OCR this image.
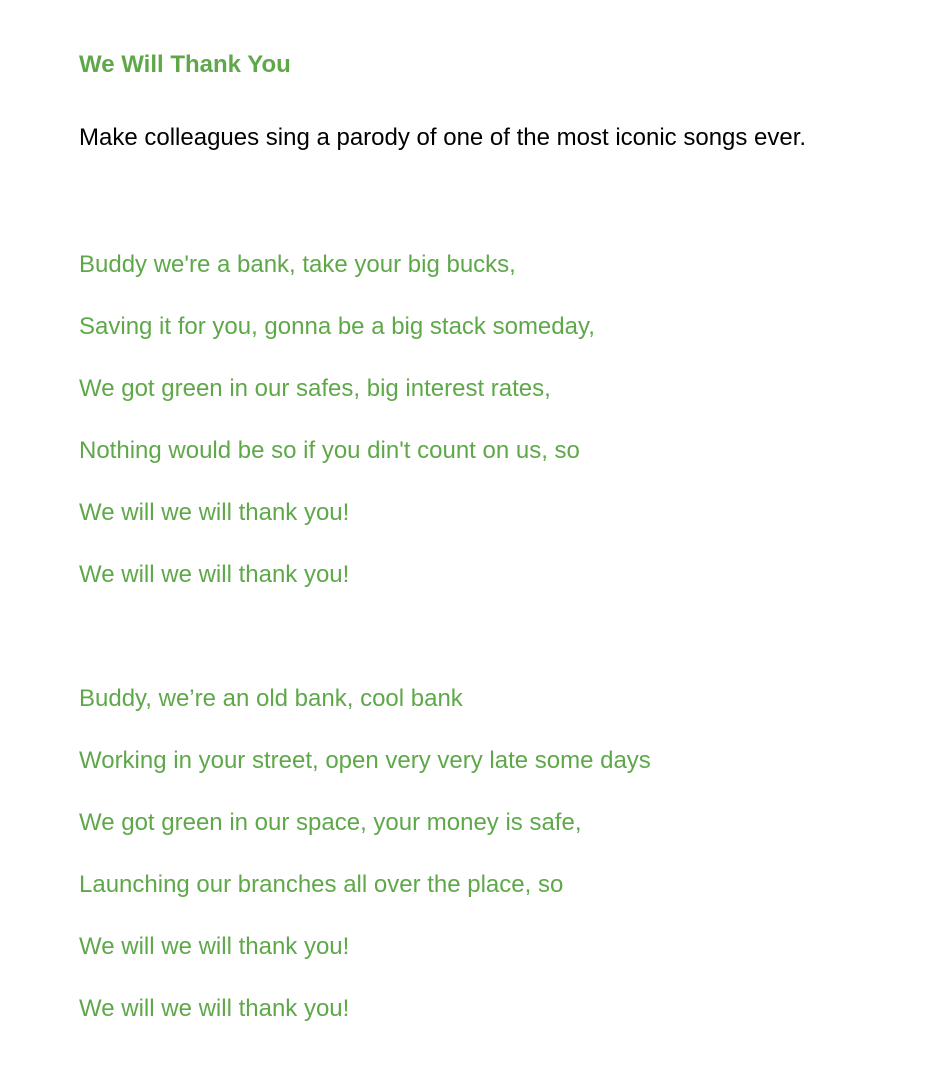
We Will Thank You

Make colleagues sing a parody of one of the most iconic songs ever.

Buddy we're a bank, take your big bucks,
Saving it for you, gonna be a big stack someday,
We got green in our safes, big interest rates,
Nothing would be so if you din't count on us, so
We will we will thank you!
We will we will thank you!
Buddy, we’re an old bank, cool bank
Working in your street, open very very late some days
We got green in our space, your money is safe,
Launching our branches all over the place, so
We will we will thank you!
We will we will thank you!
